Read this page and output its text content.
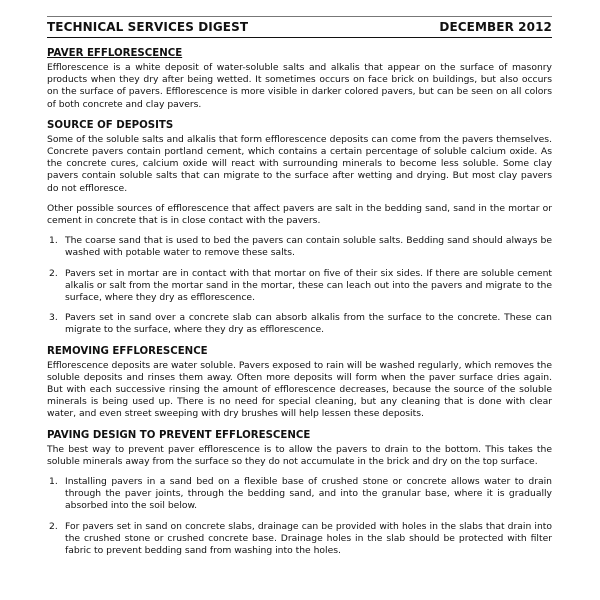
TECHNICAL SERVICES DIGEST	DECEMBER 2012
PAVER EFFLORESCENCE

Efflorescence is a white deposit of water-soluble salts and alkalis that appear on the surface of masonry products when they dry after being wetted. It sometimes occurs on face brick on buildings, but also occurs on the surface of pavers. Efflorescence is more visible in darker colored pavers, but can be seen on all colors of both concrete and clay pavers.

SOURCE OF DEPOSITS

Some of the soluble salts and alkalis that form efflorescence deposits can come from the pavers themselves. Concrete pavers contain portland cement, which contains a certain percentage of soluble calcium oxide. As the concrete cures, calcium oxide will react with surrounding minerals to become less soluble. Some clay pavers contain soluble salts that can migrate to the surface after wetting and drying. But most clay pavers do not effloresce.

Other possible sources of efflorescence that affect pavers are salt in the bedding sand, sand in the mortar or cement in concrete that is in close contact with the pavers.

1. The coarse sand that is used to bed the pavers can contain soluble salts. Bedding sand should always be washed with potable water to remove these salts.
2. Pavers set in mortar are in contact with that mortar on five of their six sides. If there are soluble cement alkalis or salt from the mortar sand in the mortar, these can leach out into the pavers and migrate to the surface, where they dry as efflorescence.
3. Pavers set in sand over a concrete slab can absorb alkalis from the surface to the concrete. These can migrate to the surface, where they dry as efflorescence.
REMOVING EFFLORESCENCE

Efflorescence deposits are water soluble. Pavers exposed to rain will be washed regularly, which removes the soluble deposits and rinses them away. Often more deposits will form when the paver surface dries again. But with each successive rinsing the amount of efflorescence decreases, because the source of the soluble minerals is being used up. There is no need for special cleaning, but any cleaning that is done with clear water, and even street sweeping with dry brushes will help lessen these deposits.

PAVING DESIGN TO PREVENT EFFLORESCENCE

The best way to prevent paver efflorescence is to allow the pavers to drain to the bottom. This takes the soluble minerals away from the surface so they do not accumulate in the brick and dry on the top surface.

1. Installing pavers in a sand bed on a flexible base of crushed stone or concrete allows water to drain through the paver joints, through the bedding sand, and into the granular base, where it is gradually absorbed into the soil below.
2. For pavers set in sand on concrete slabs, drainage can be provided with holes in the slabs that drain into the crushed stone or crushed concrete base. Drainage holes in the slab should be protected with filter fabric to prevent bedding sand from washing into the holes.
